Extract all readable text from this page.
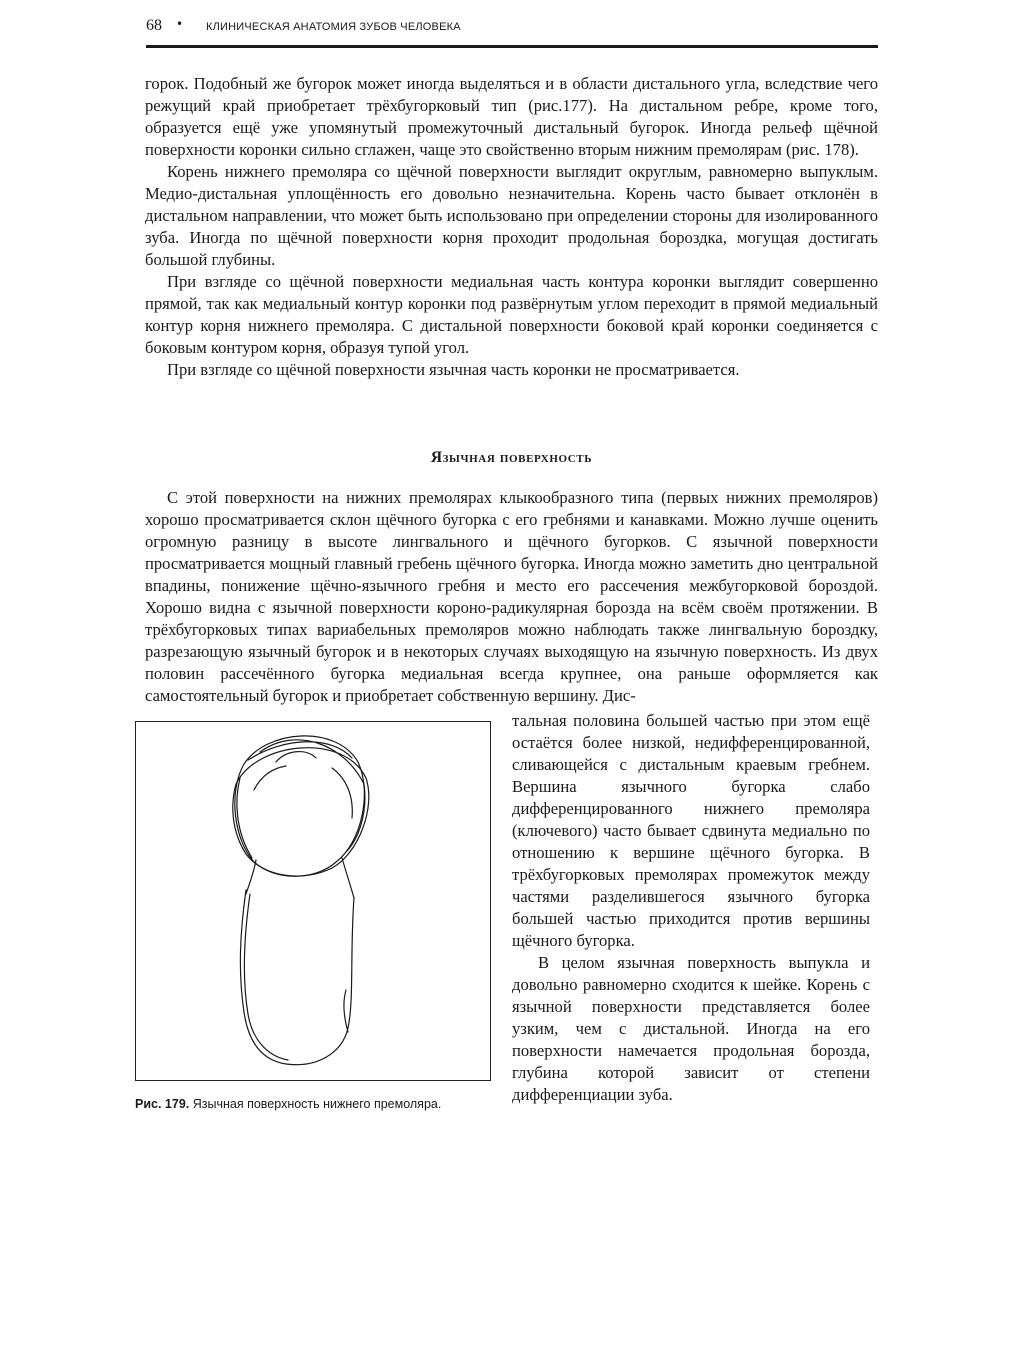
68 • КЛИНИЧЕСКАЯ АНАТОМИЯ ЗУБОВ ЧЕЛОВЕКА

горок. Подобный же бугорок может иногда выделяться и в области дистального угла, вследствие чего режущий край приобретает трёхбугорковый тип (рис.177). На дистальном ребре, кроме того, образуется ещё уже упомянутый промежуточный дистальный бугорок. Иногда рельеф щёчной поверхности коронки сильно сглажен, чаще это свойственно вторым нижним премолярам (рис. 178).

Корень нижнего премоляра со щёчной поверхности выглядит округлым, равномерно выпуклым. Медио-дистальная уплощённость его довольно незначительна. Корень часто бывает отклонён в дистальном направлении, что может быть использовано при определении стороны для изолированного зуба. Иногда по щёчной поверхности корня проходит продольная бороздка, могущая достигать большой глубины.

При взгляде со щёчной поверхности медиальная часть контура коронки выглядит совершенно прямой, так как медиальный контур коронки под развёрнутым углом переходит в прямой медиальный контур корня нижнего премоляра. С дистальной поверхности боковой край коронки соединяется с боковым контуром корня, образуя тупой угол.

При взгляде со щёчной поверхности язычная часть коронки не просматривается.

Язычная поверхность

С этой поверхности на нижних премолярах клыкообразного типа (первых нижних премоляров) хорошо просматривается склон щёчного бугорка с его гребнями и канавками. Можно лучше оценить огромную разницу в высоте лингвального и щёчного бугорков. С язычной поверхности просматривается мощный главный гребень щёчного бугорка. Иногда можно заметить дно центральной впадины, понижение щёчно-язычного гребня и место его рассечения межбугорковой бороздой. Хорошо видна с язычной поверхности короно-радикулярная борозда на всём своём протяжении. В трёхбугорковых типах вариабельных премоляров можно наблюдать также лингвальную бороздку, разрезающую язычный бугорок и в некоторых случаях выходящую на язычную поверхность. Из двух половин рассечённого бугорка медиальная всегда крупнее, она раньше оформляется как самостоятельный бугорок и приобретает собственную вершину. Дис-

Рис. 179. Язычная поверхность нижнего премоляра.

тальная половина большей частью при этом ещё остаётся более низкой, недифференцированной, сливающейся с дистальным краевым гребнем. Вершина язычного бугорка слабо дифференцированного нижнего премоляра (ключевого) часто бывает сдвинута медиально по отношению к вершине щёчного бугорка. В трёхбугорковых премолярах промежуток между частями разделившегося язычного бугорка большей частью приходится против вершины щёчного бугорка.

В целом язычная поверхность выпукла и довольно равномерно сходится к шейке. Корень с язычной поверхности представляется более узким, чем с дистальной. Иногда на его поверхности намечается продольная борозда, глубина которой зависит от степени дифференциации зуба.
